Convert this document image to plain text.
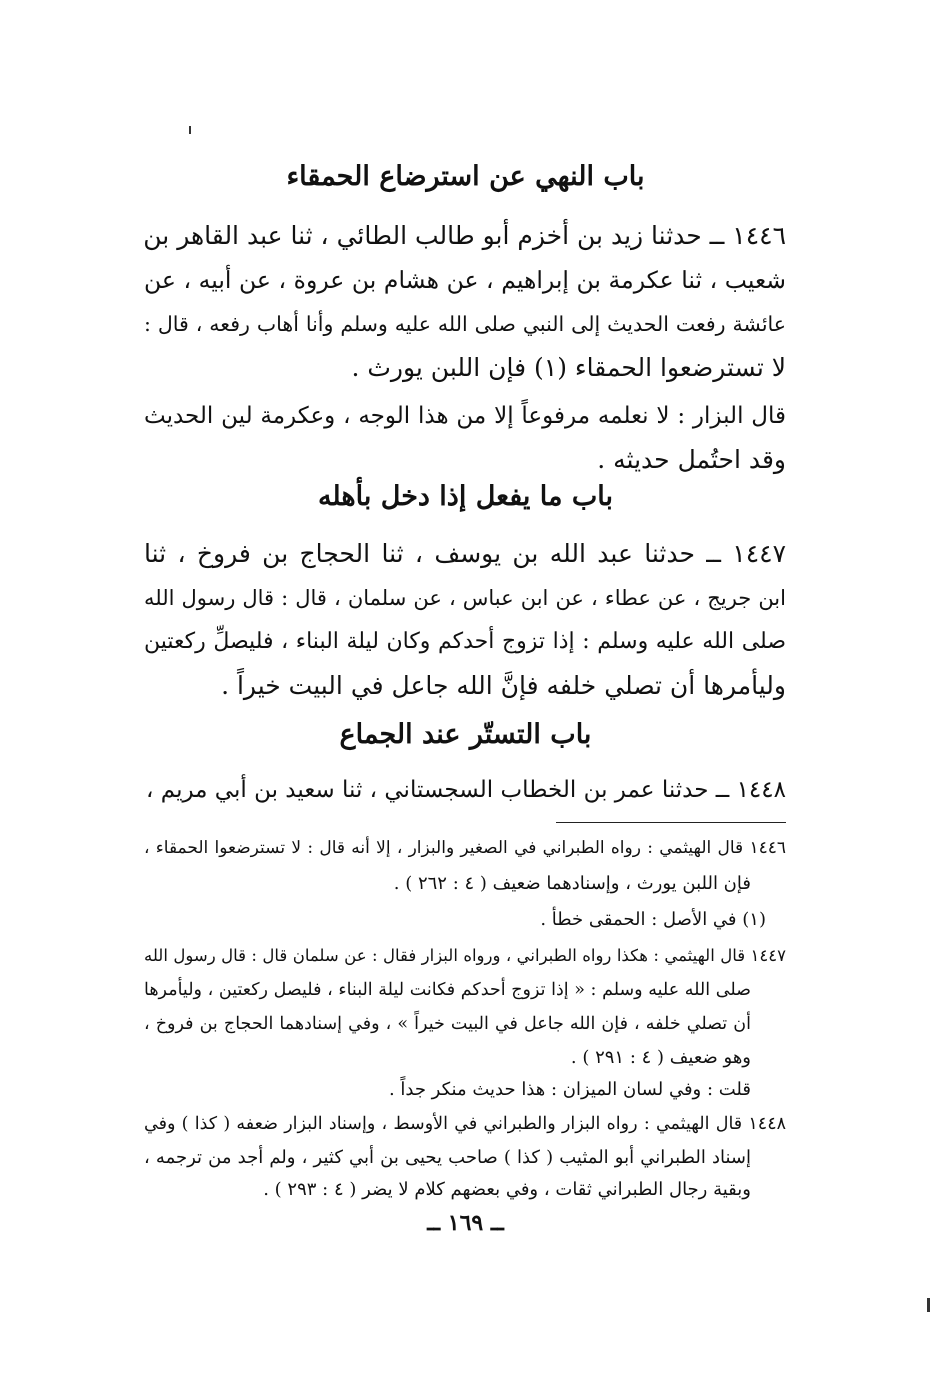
باب النهي عن استرضاع الحمقاء
١٤٤٦ ــ حدثنا زيد بن أخزم أبو طالب الطائي ، ثنا عبد القاهر بن
شعيب ، ثنا عكرمة بن إبراهيم ، عن هشام بن عروة ، عن أبيه ، عن
عائشة رفعت الحديث إلى النبي صلى الله عليه وسلم وأنا أهاب رفعه ، قال :
لا تسترضعوا الحمقاء (١) فإن اللبن يورث .
قال البزار : لا نعلمه مرفوعاً إلا من هذا الوجه ، وعكرمة لين الحديث
وقد احتُمل حديثه .
باب ما يفعل إذا دخل بأهله
١٤٤٧ ــ حدثنا عبد الله بن يوسف ، ثنا الحجاج بن فروخ ، ثنا
ابن جريج ، عن عطاء ، عن ابن عباس ، عن سلمان ، قال : قال رسول الله
صلى الله عليه وسلم : إذا تزوج أحدكم وكان ليلة البناء ، فليصلِّ ركعتين
وليأمرها أن تصلي خلفه فإنَّ الله جاعل في البيت خيراً .
باب التستّر عند الجماع
١٤٤٨ ــ حدثنا عمر بن الخطاب السجستاني ، ثنا سعيد بن أبي مريم ،
١٤٤٦ قال الهيثمي : رواه الطبراني في الصغير والبزار ، إلا أنه قال : لا تسترضعوا الحمقاء ،
فإن اللبن يورث ، وإسنادهما ضعيف ( ٤ : ٢٦٢ ) .
(١) في الأصل : الحمقى خطأ .
١٤٤٧ قال الهيثمي : هكذا رواه الطبراني ، ورواه البزار فقال : عن سلمان قال : قال رسول الله
صلى الله عليه وسلم : « إذا تزوج أحدكم فكانت ليلة البناء ، فليصل ركعتين ، وليأمرها
أن تصلي خلفه ، فإن الله جاعل في البيت خيراً » ، وفي إسنادهما الحجاج بن فروخ ،
وهو ضعيف ( ٤ : ٢٩١ ) .
قلت : وفي لسان الميزان : هذا حديث منكر جداً .
١٤٤٨ قال الهيثمي : رواه البزار والطبراني في الأوسط ، وإسناد البزار ضعفه ( كذا ) وفي
إسناد الطبراني أبو المثيب ( كذا ) صاحب يحيى بن أبي كثير ، ولم أجد من ترجمه ،
وبقية رجال الطبراني ثقات ، وفي بعضهم كلام لا يضر ( ٤ : ٢٩٣ ) .
ــ ١٦٩ ــ
